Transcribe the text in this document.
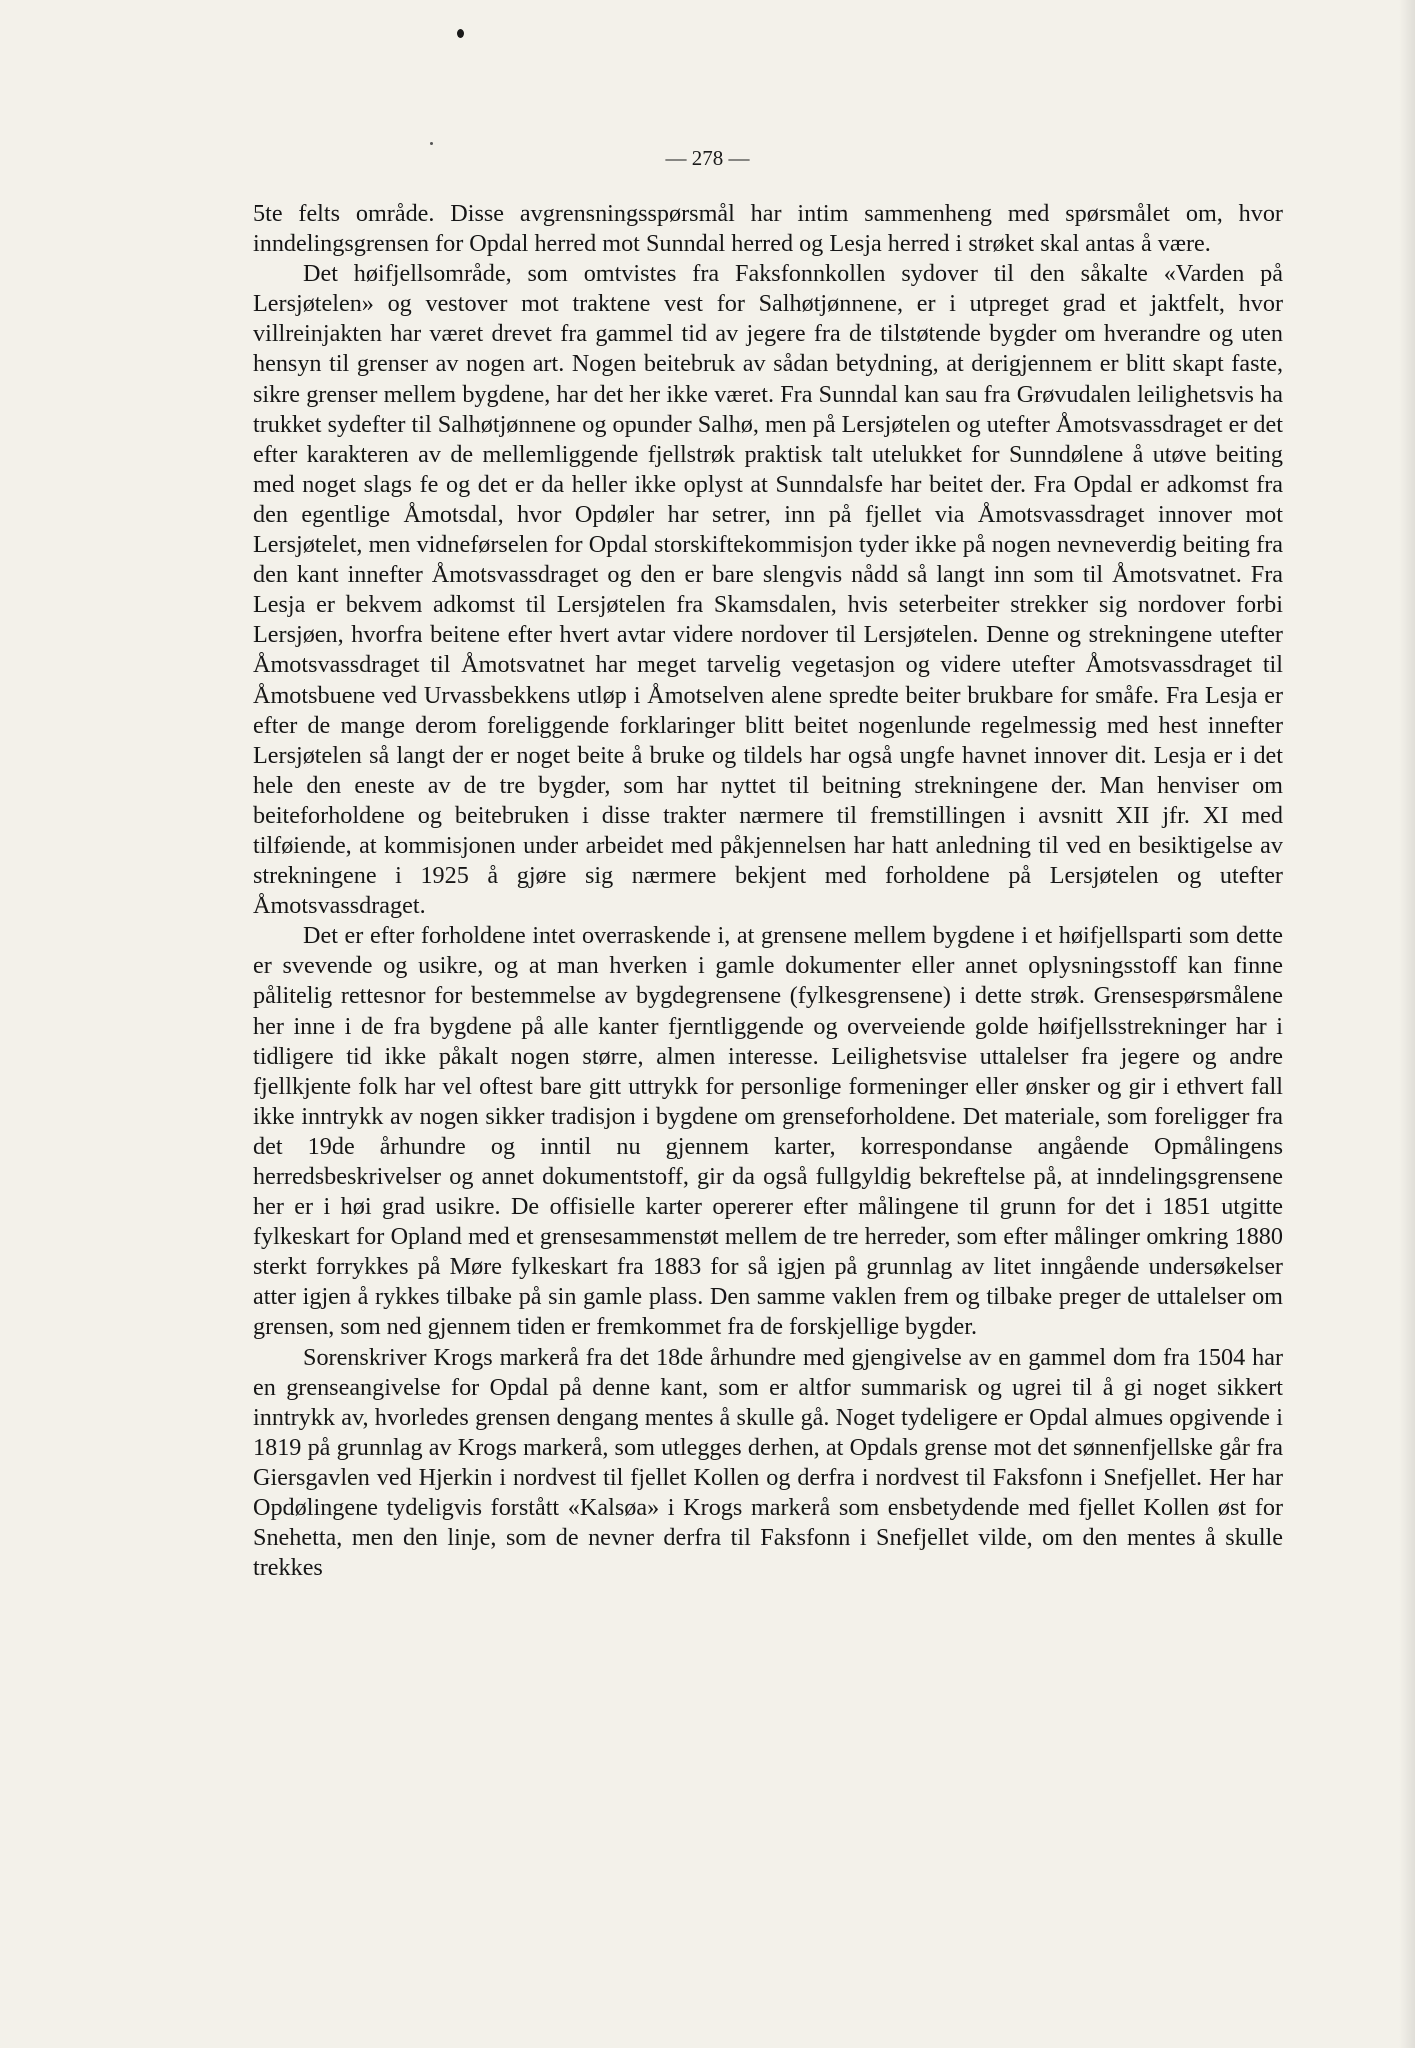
— 278 —

5te felts område. Disse avgrensningsspørsmål har intim sammenheng med spørsmålet om, hvor inndelingsgrensen for Opdal herred mot Sunndal herred og Lesja herred i strøket skal antas å være.

Det høifjellsområde, som omtvistes fra Faksfonnkollen sydover til den såkalte «Varden på Lersjøtelen» og vestover mot traktene vest for Salhøtjønnene, er i utpreget grad et jaktfelt, hvor villreinjakten har været drevet fra gammel tid av jegere fra de tilstøtende bygder om hverandre og uten hensyn til grenser av nogen art. Nogen beitebruk av sådan betydning, at derigjennem er blitt skapt faste, sikre grenser mellem bygdene, har det her ikke været. Fra Sunndal kan sau fra Grøvudalen leilighetsvis ha trukket sydefter til Salhøtjønnene og opunder Salhø, men på Lersjøtelen og utefter Åmotsvassdraget er det efter karakteren av de mellemliggende fjellstrøk praktisk talt utelukket for Sunndølene å utøve beiting med noget slags fe og det er da heller ikke oplyst at Sunndalsfe har beitet der. Fra Opdal er adkomst fra den egentlige Åmotsdal, hvor Opdøler har setrer, inn på fjellet via Åmotsvassdraget innover mot Lersjøtelet, men vidneførselen for Opdal storskiftekommisjon tyder ikke på nogen nevneverdig beiting fra den kant innefter Åmotsvassdraget og den er bare slengvis nådd så langt inn som til Åmotsvatnet. Fra Lesja er bekvem adkomst til Lersjøtelen fra Skamsdalen, hvis seterbeiter strekker sig nordover forbi Lersjøen, hvorfra beitene efter hvert avtar videre nordover til Lersjøtelen. Denne og strekningene utefter Åmotsvassdraget til Åmotsvatnet har meget tarvelig vegetasjon og videre utefter Åmotsvassdraget til Åmotsbuene ved Urvassbekkens utløp i Åmotselven alene spredte beiter brukbare for småfe. Fra Lesja er efter de mange derom foreliggende forklaringer blitt beitet nogenlunde regelmessig med hest innefter Lersjøtelen så langt der er noget beite å bruke og tildels har også ungfe havnet innover dit. Lesja er i det hele den eneste av de tre bygder, som har nyttet til beitning strekningene der. Man henviser om beiteforholdene og beitebruken i disse trakter nærmere til fremstillingen i avsnitt XII jfr. XI med tilføiende, at kommisjonen under arbeidet med påkjennelsen har hatt anledning til ved en besiktigelse av strekningene i 1925 å gjøre sig nærmere bekjent med forholdene på Lersjøtelen og utefter Åmotsvassdraget.

Det er efter forholdene intet overraskende i, at grensene mellem bygdene i et høifjellsparti som dette er svevende og usikre, og at man hverken i gamle dokumenter eller annet oplysningsstoff kan finne pålitelig rettesnor for bestemmelse av bygdegrensene (fylkesgrensene) i dette strøk. Grensespørsmålene her inne i de fra bygdene på alle kanter fjerntliggende og overveiende golde høifjellsstrekninger har i tidligere tid ikke påkalt nogen større, almen interesse. Leilighetsvise uttalelser fra jegere og andre fjellkjente folk har vel oftest bare gitt uttrykk for personlige formeninger eller ønsker og gir i ethvert fall ikke inntrykk av nogen sikker tradisjon i bygdene om grenseforholdene. Det materiale, som foreligger fra det 19de århundre og inntil nu gjennem karter, korrespondanse angående Opmålingens herredsbeskrivelser og annet dokumentstoff, gir da også fullgyldig bekreftelse på, at inndelingsgrensene her er i høi grad usikre. De offisielle karter opererer efter målingene til grunn for det i 1851 utgitte fylkeskart for Opland med et grensesammenstøt mellem de tre herreder, som efter målinger omkring 1880 sterkt forrykkes på Møre fylkeskart fra 1883 for så igjen på grunnlag av litet inngående undersøkelser atter igjen å rykkes tilbake på sin gamle plass. Den samme vaklen frem og tilbake preger de uttalelser om grensen, som ned gjennem tiden er fremkommet fra de forskjellige bygder.

Sorenskriver Krogs markerå fra det 18de århundre med gjengivelse av en gammel dom fra 1504 har en grenseangivelse for Opdal på denne kant, som er altfor summarisk og ugrei til å gi noget sikkert inntrykk av, hvorledes grensen dengang mentes å skulle gå. Noget tydeligere er Opdal almues opgivende i 1819 på grunnlag av Krogs markerå, som utlegges derhen, at Opdals grense mot det sønnenfjellske går fra Giersgavlen ved Hjerkin i nordvest til fjellet Kollen og derfra i nordvest til Faksfonn i Snefjellet. Her har Opdølingene tydeligvis forstått «Kalsøa» i Krogs markerå som ensbetydende med fjellet Kollen øst for Snehetta, men den linje, som de nevner derfra til Faksfonn i Snefjellet vilde, om den mentes å skulle trekkes
